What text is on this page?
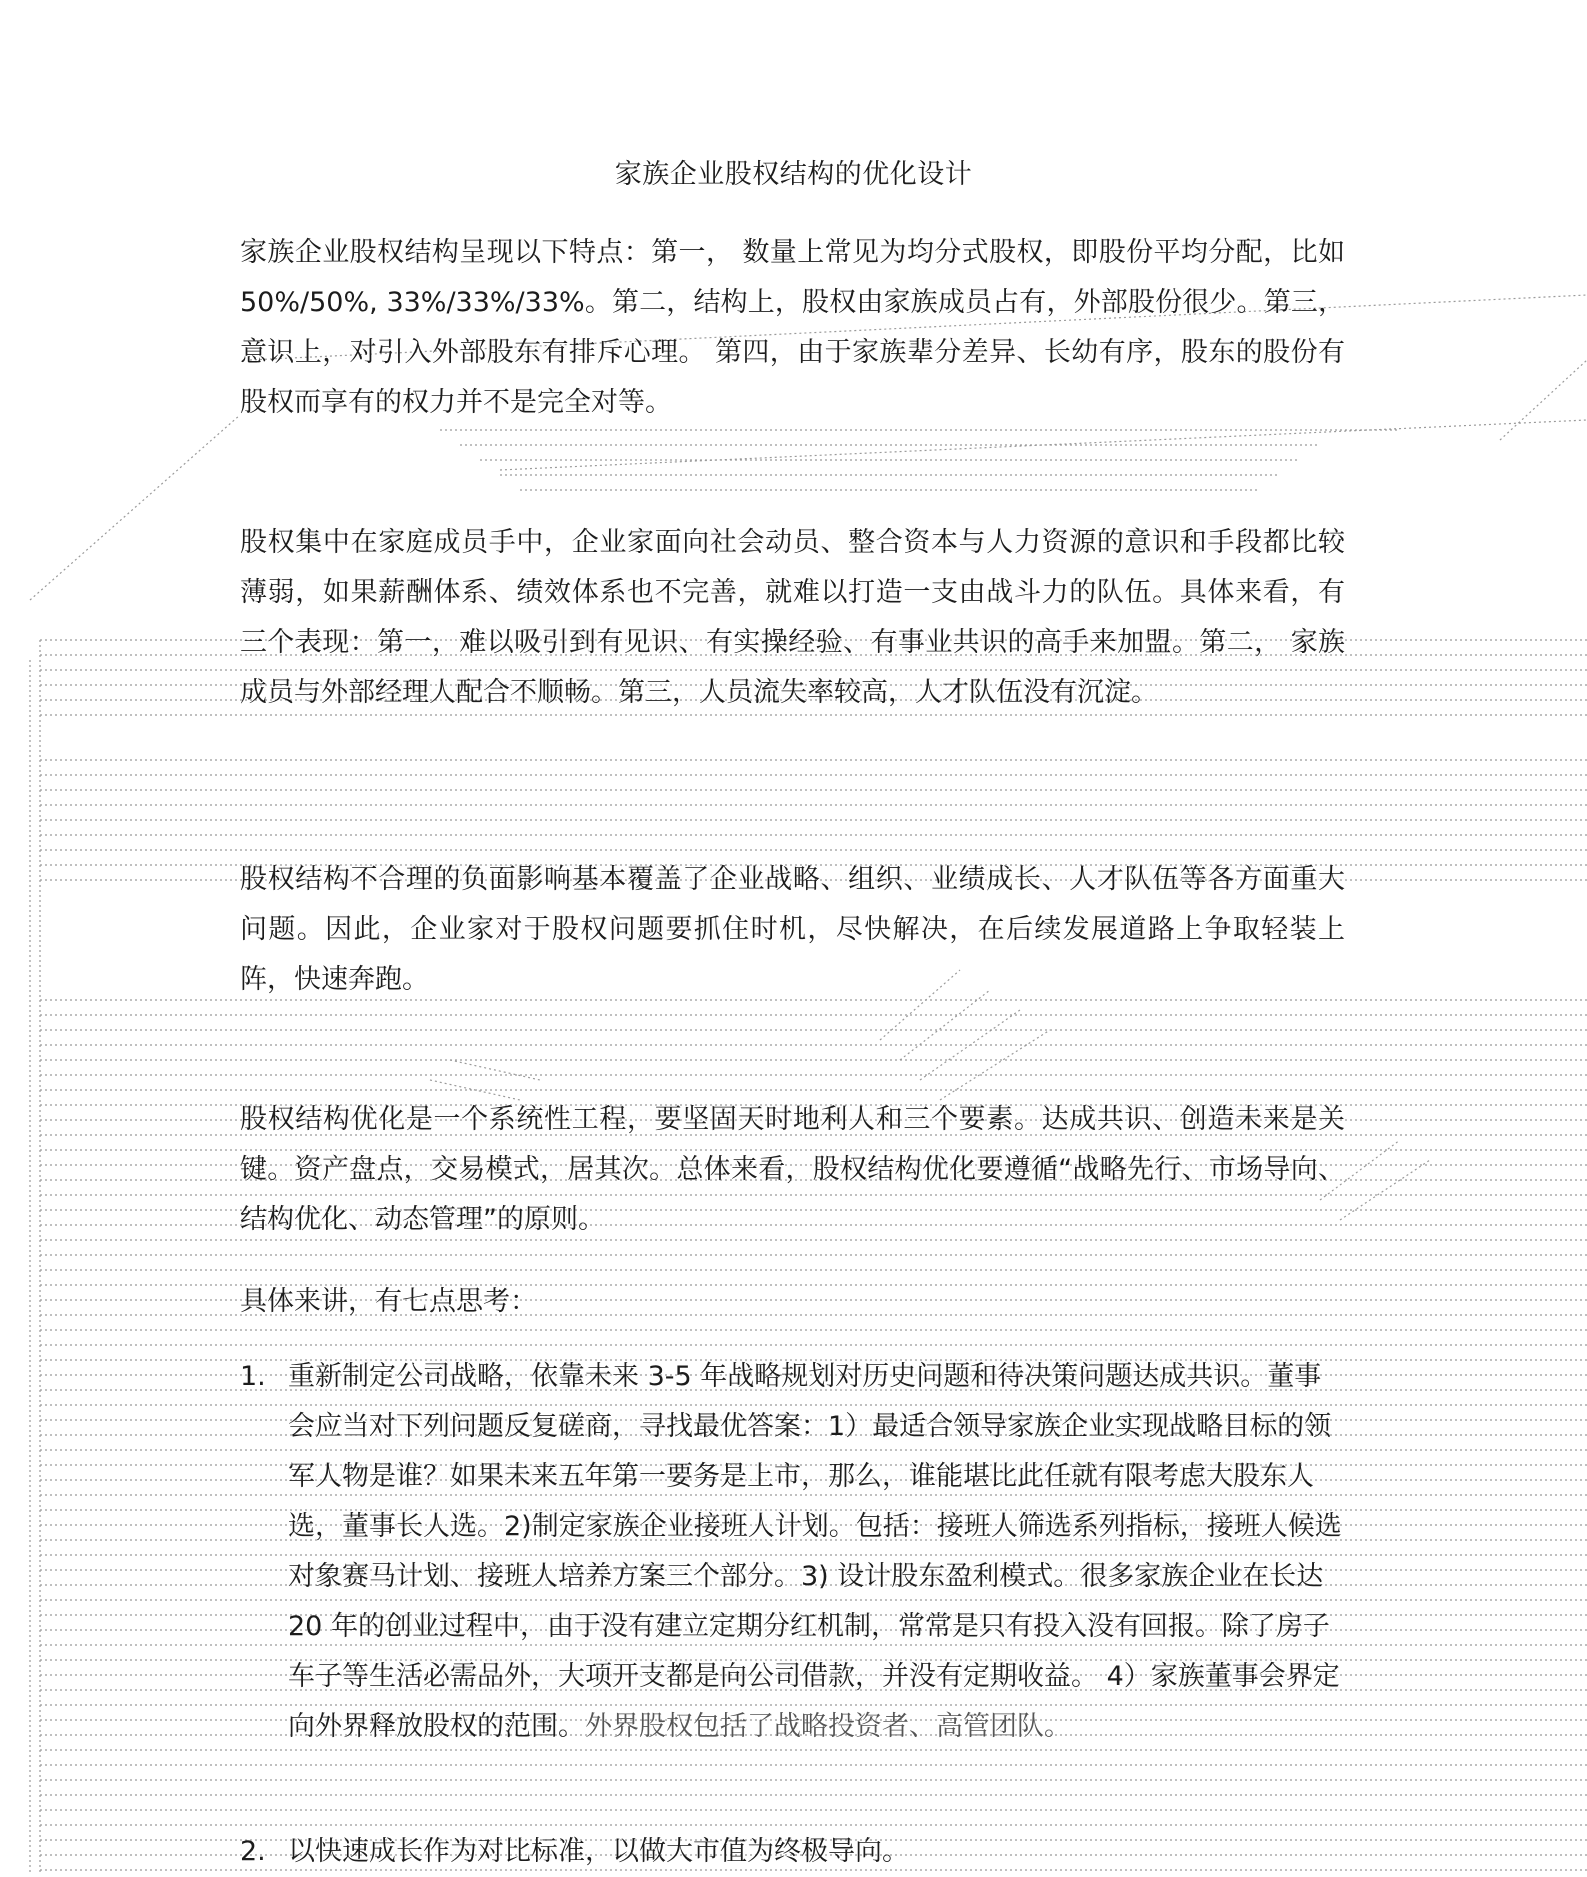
家族企业股权结构的优化设计

家族企业股权结构呈现以下特点：第一， 数量上常见为均分式股权，即股份平均分配，比如 50%/50%, 33%/33%/33%。第二，结构上，股权由家族成员占有，外部股份很少。第三，意识上，对引入外部股东有排斥心理。 第四，由于家族辈分差异、长幼有序，股东的股份有股权而享有的权力并不是完全对等。

股权集中在家庭成员手中，企业家面向社会动员、整合资本与人力资源的意识和手段都比较薄弱，如果薪酬体系、绩效体系也不完善，就难以打造一支由战斗力的队伍。具体来看，有三个表现：第一，难以吸引到有见识、有实操经验、有事业共识的高手来加盟。第二， 家族成员与外部经理人配合不顺畅。第三，人员流失率较高，人才队伍没有沉淀。

股权结构不合理的负面影响基本覆盖了企业战略、组织、业绩成长、人才队伍等各方面重大问题。因此，企业家对于股权问题要抓住时机，尽快解决，在后续发展道路上争取轻装上阵，快速奔跑。

股权结构优化是一个系统性工程，要坚固天时地利人和三个要素。达成共识、创造未来是关键。资产盘点，交易模式，居其次。总体来看，股权结构优化要遵循“战略先行、市场导向、结构优化、动态管理”的原则。

具体来讲，有七点思考：

1. 重新制定公司战略，依靠未来 3-5 年战略规划对历史问题和待决策问题达成共识。董事会应当对下列问题反复磋商，寻找最优答案：1）最适合领导家族企业实现战略目标的领军人物是谁？如果未来五年第一要务是上市，那么，谁能堪比此任就有限考虑大股东人选，董事长人选。2)制定家族企业接班人计划。包括：接班人筛选系列指标，接班人候选对象赛马计划、接班人培养方案三个部分。3) 设计股东盈利模式。很多家族企业在长达 20 年的创业过程中，由于没有建立定期分红机制，常常是只有投入没有回报。除了房子车子等生活必需品外，大项开支都是向公司借款，并没有定期收益。 4）家族董事会界定向外界释放股权的范围。外界股权包括了战略投资者、高管团队。
2. 以快速成长作为对比标准，以做大市值为终极导向。
